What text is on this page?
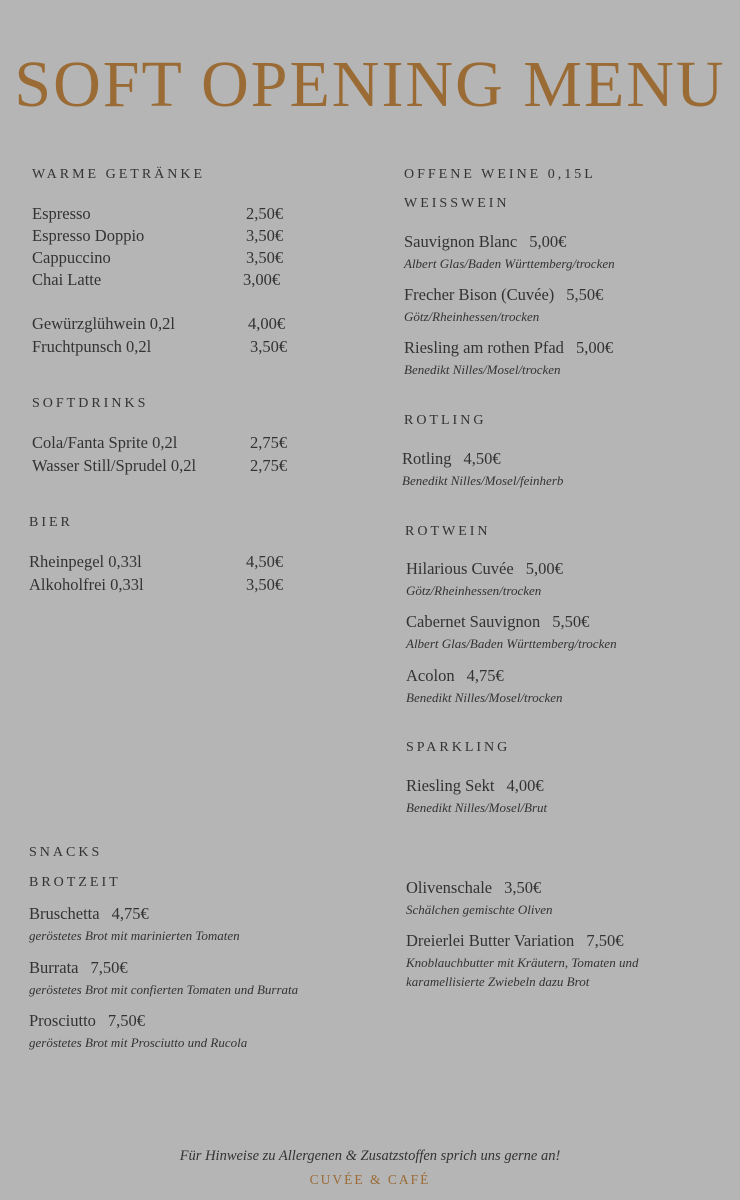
SOFT OPENING MENU
WARME GETRÄNKE
Espresso	2,50€
Espresso Doppio	3,50€
Cappuccino	3,50€
Chai Latte	3,00€
Gewürzglühwein 0,2l	4,00€
Fruchtpunsch 0,2l	3,50€
SOFTDRINKS
Cola/Fanta Sprite 0,2l	2,75€
Wasser Still/Sprudel 0,2l	2,75€
BIER
Rheinpegel 0,33l	4,50€
Alkoholfrei 0,33l	3,50€
OFFENE WEINE 0,15L
WEISSWEIN
Sauvignon Blanc 5,00€
Albert Glas/Baden Württemberg/trocken
Frecher Bison (Cuvée) 5,50€
Götz/Rheinhessen/trocken
Riesling am rothen Pfad 5,00€
Benedikt Nilles/Mosel/trocken
ROTLING
Rotling 4,50€
Benedikt Nilles/Mosel/feinherb
ROTWEIN
Hilarious Cuvée 5,00€
Götz/Rheinhessen/trocken
Cabernet Sauvignon 5,50€
Albert Glas/Baden Württemberg/trocken
Acolon 4,75€
Benedikt Nilles/Mosel/trocken
SPARKLING
Riesling Sekt 4,00€
Benedikt Nilles/Mosel/Brut
SNACKS
BROTZEIT
Bruschetta 4,75€
geröstetes Brot mit marinierten Tomaten
Burrata 7,50€
geröstetes Brot mit confierten Tomaten und Burrata
Prosciutto 7,50€
geröstetes Brot mit Prosciutto und Rucola
Olivenschale 3,50€
Schälchen gemischte Oliven
Dreierlei Butter Variation 7,50€
Knoblauchbutter mit Kräutern, Tomaten und
karamellisierte Zwiebeln dazu Brot
Für Hinweise zu Allergenen & Zusatzstoffen sprich uns gerne an!
CUVÉE & CAFÉ
